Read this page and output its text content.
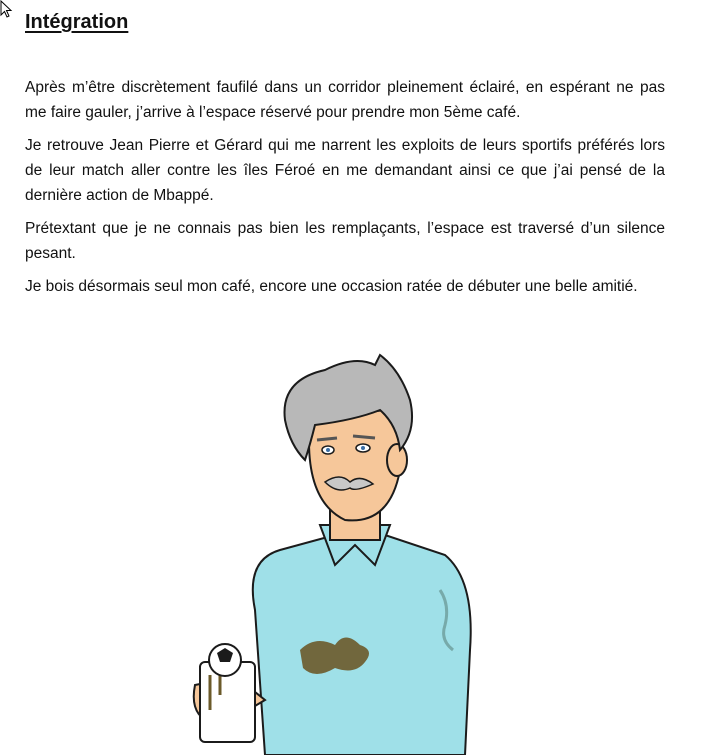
Intégration

Après m’être discrètement faufilé dans un corridor pleinement éclairé, en espérant ne pas me faire gauler, j’arrive à l’espace réservé pour prendre mon 5ème café.

Je retrouve Jean Pierre et Gérard qui me narrent les exploits de leurs sportifs préférés lors de leur match aller contre les îles Féroé en me demandant ainsi ce que j’ai pensé de la dernière action de Mbappé.

Prétextant que je ne connais pas bien les remplaçants, l’espace est traversé d’un silence pesant.

Je bois désormais seul mon café, encore une occasion ratée de débuter une belle amitié.
